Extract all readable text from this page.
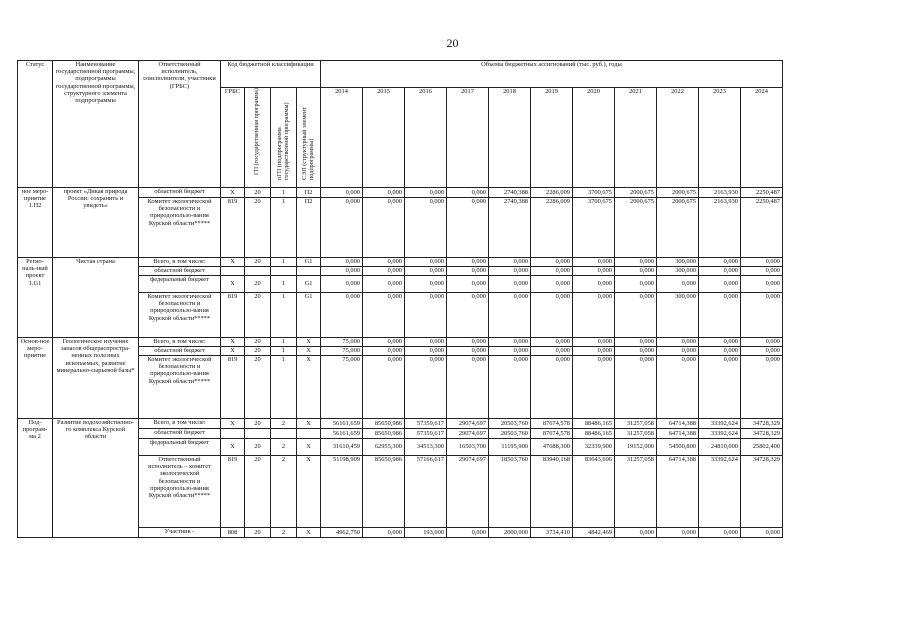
20
Статус	Наименование государственной программы, подпрограммы государственной программы, структурного элемента подпрограммы	Ответственный исполнитель, соисполнители, участники (ГРБС)	Код бюджетной классификации				Объемы бюджетных ассигнований (тыс. руб.), годы										
			ГРБС	ГП (государственная программа)	пГП (подпрограмма государственной программы)	СЭП (структурный элемент подпрограммы)	2014	2015	2016	2017	2018	2019	2020	2021	2022	2023	2024
ное меро-приятие 1.П2	проект «Дикая природа России: сохранить и увидеть»	областной бюджет	X	20	1	П2	0,000	0,000	0,000	0,000	2740,388	2286,009	3700,675	2000,675	2000,675	2163,930	2250,487
		Комитет экологической безопасности и природопользо-вания Курской области*****	819	20	1	П2	0,000	0,000	0,000	0,000	2740,388	2286,009	3700,675	2000,675	2000,675	2163,930	2250,487
Регио-наль-ный проект 1.G1	Чистая страна	Всего, в том числе:	X	20	1	G1	0,000	0,000	0,000	0,000	0,000	0,000	0,000	0,000	300,000	0,000	0,000
		областной бюджет					0,000	0,000	0,000	0,000	0,000	0,000	0,000	0,000	300,000	0,000	0,000
		федеральный бюджет	X	20	1	G1	0,000	0,000	0,000	0,000	0,000	0,000	0,000	0,000	0,000	0,000	0,000
		Комитет экологической безопасности и природопользо-вания Курской области*****	819	20	1	G1	0,000	0,000	0,000	0,000	0,000	0,000	0,000	0,000	300,000	0,000	0,000
Основ-ное меро-приятие	Геологическое изучение запасов общераспростра-ненных полезных ископаемых, развитие минерально-сырьевой базы*	Всего, в том числе:	X	20	1	X	75,000	0,000	0,000	0,000	0,000	0,000	0,000	0,000	0,000	0,000	0,000
		областной бюджет	X	20	1	X	75,000	0,000	0,000	0,000	0,000	0,000	0,000	0,000	0,000	0,000	0,000
		Комитет экологической безопасности и природопользо-вания Курской области*****	819	20	1	X	75,000	0,000	0,000	0,000	0,000	0,000	0,000	0,000	0,000	0,000	0,000
Под-програм-ма 2	Развитие водохозяйственно-го комплекса Курской области	Всего, в том числе:	X	20	2	X	56161,659	85650,986	57359,617	29074,697	20503,760	87674,578	88486,165	31257,058	64714,388	33392,624	34728,329
		областной бюджет					56161,659	85650,986	57359,617	29074,697	20503,760	87674,578	88486,165	31257,058	64714,388	33392,624	34728,329
		федеральный бюджет	X	20	2	X	31610,459	62955,300	34513,300	16503,700	11195,900	47688,300	32339,900	19152,000	54500,800	24810,000	25802,400
		Ответственный исполнитель – комитет экологической безопасности и природопользо-вания Курской области*****	819	20	2	X	51198,909	85650,986	57166,617	29074,697	18503,760	83940,168	83643,696	31257,058	64714,388	33392,624	34728,329
		Участник -	808	20	2	X	4962,750	0,000	193,000	0,000	2000,000	3734,410	4842,469	0,000	0,000	0,000	0,000
